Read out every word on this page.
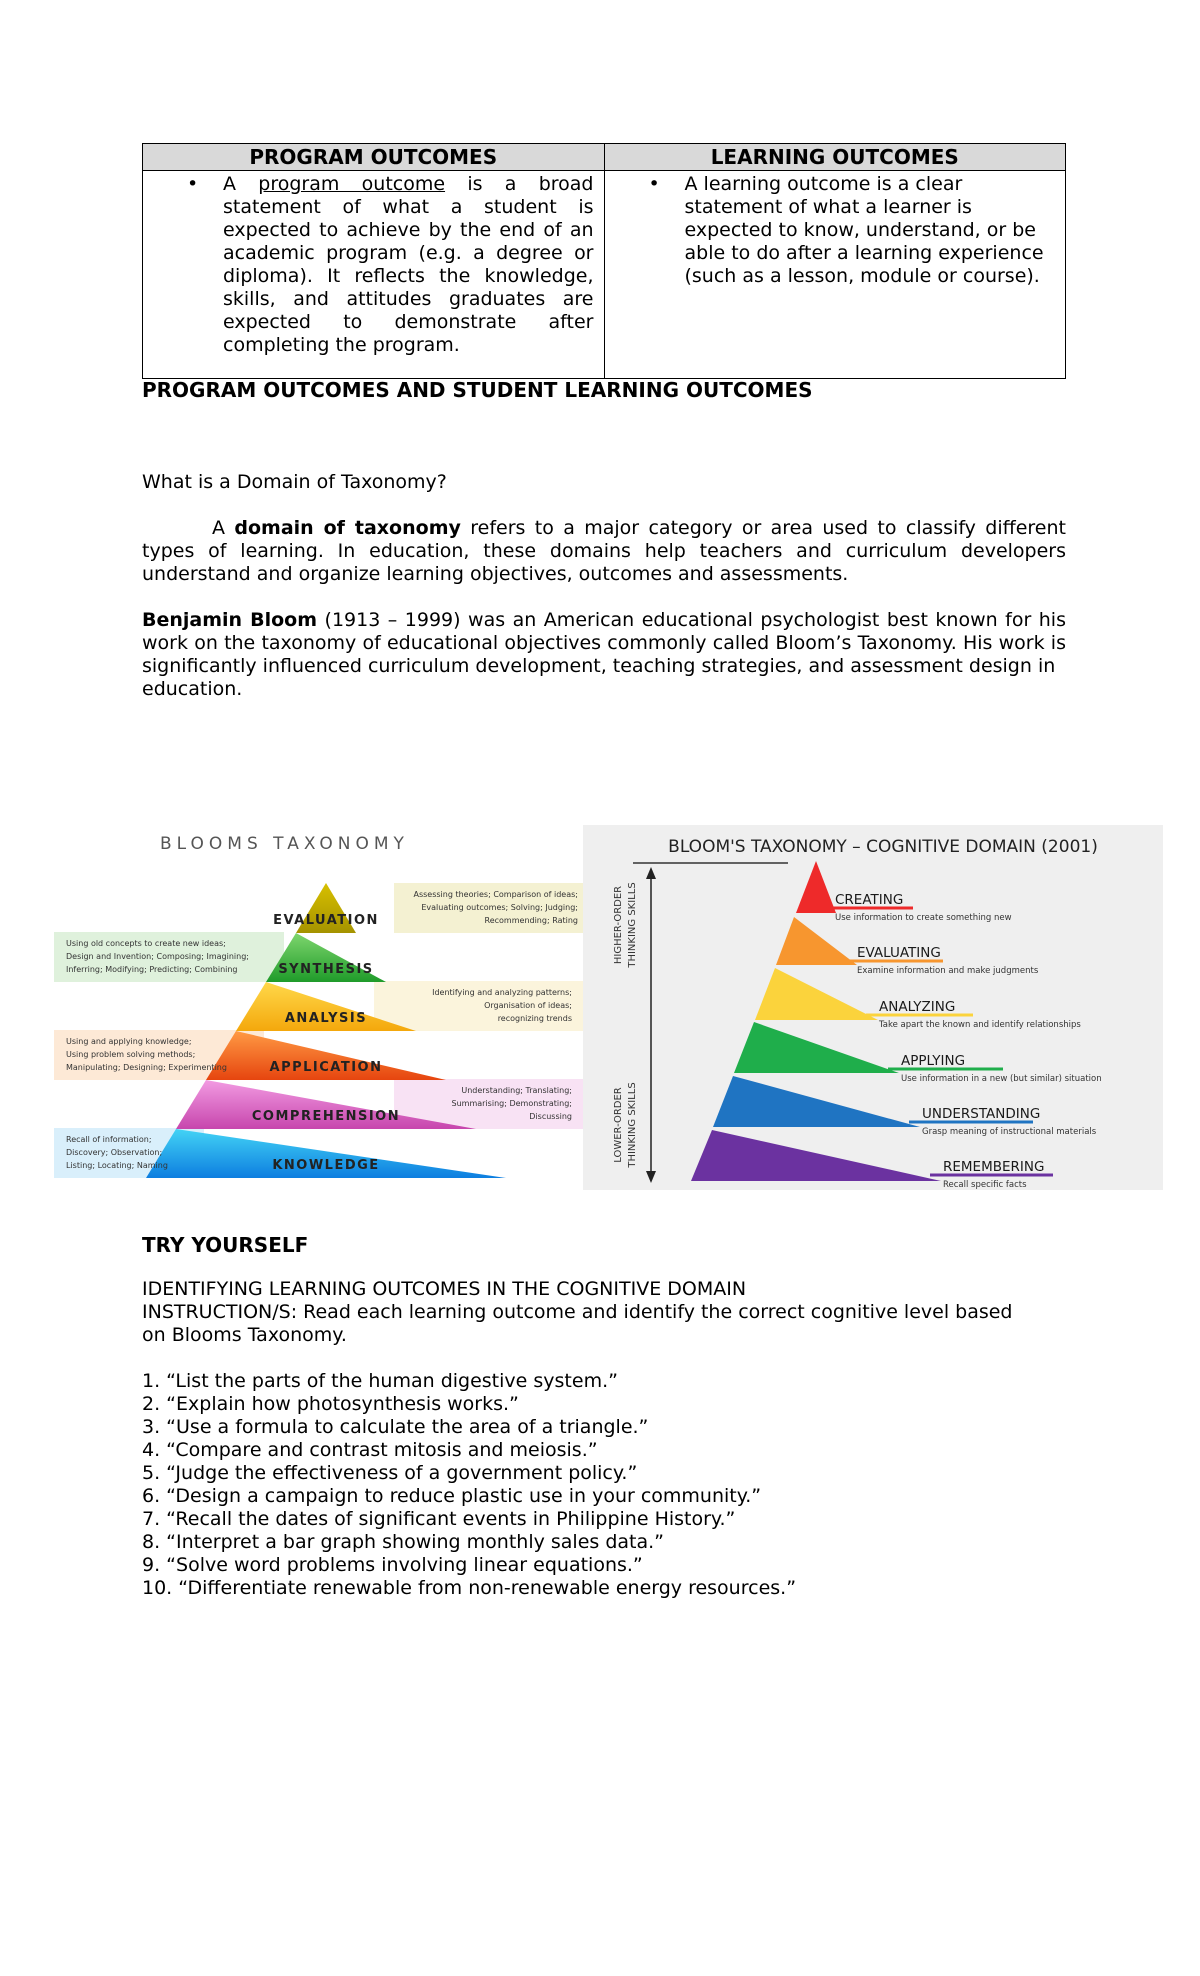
PROGRAM OUTCOMES	LEARNING OUTCOMES

• A program outcome is a broad statement of what a student is expected to achieve by the end of an academic program (e.g. a degree or diploma). It reflects the knowledge, skills, and attitudes graduates are expected to demonstrate after completing the program.	• A learning outcome is a clear statement of what a learner is expected to know, understand, or be able to do after a learning experience (such as a lesson, module or course).
PROGRAM OUTCOMES AND STUDENT LEARNING OUTCOMES
What is a Domain of Taxonomy?
A domain of taxonomy refers to a major category or area used to classify different types of learning. In education, these domains help teachers and curriculum developers understand and organize learning objectives, outcomes and assessments.
Benjamin Bloom (1913 – 1999) was an American educational psychologist best known for his work on the taxonomy of educational objectives commonly called Bloom’s Taxonomy. His work is significantly influenced curriculum development, teaching strategies, and assessment design in
education.
BLOOMS TAXONOMY
EVALUATION
SYNTHESIS
ANALYSIS
APPLICATION
COMPREHENSION
KNOWLEDGE
Assessing theories; Comparison of ideas;
Evaluating outcomes; Solving; Judging;
Recommending; Rating
Using old concepts to create new ideas;
Design and Invention; Composing; Imagining;
Inferring; Modifying; Predicting; Combining
Identifying and analyzing patterns;
Organisation of ideas;
recognizing trends
Using and applying knowledge;
Using problem solving methods;
Manipulating; Designing; Experimenting
Understanding; Translating;
Summarising; Demonstrating;
Discussing
Recall of information;
Discovery; Observation;
Listing; Locating; Naming
BLOOM'S TAXONOMY – COGNITIVE DOMAIN (2001)
HIGHER-ORDER THINKING SKILLS
LOWER-ORDER THINKING SKILLS
CREATING
EVALUATING
ANALYZING
APPLYING
UNDERSTANDING
REMEMBERING
Use information to create something new
Examine information and make judgments
Take apart the known and identify relationships
Use information in a new (but similar) situation
Grasp meaning of instructional materials
Recall specific facts
TRY YOURSELF
IDENTIFYING LEARNING OUTCOMES IN THE COGNITIVE DOMAIN
INSTRUCTION/S: Read each learning outcome and identify the correct cognitive level based
on Blooms Taxonomy.
1. “List the parts of the human digestive system.”
2. “Explain how photosynthesis works.”
3. “Use a formula to calculate the area of a triangle.”
4. “Compare and contrast mitosis and meiosis.”
5. “Judge the effectiveness of a government policy.”
6. “Design a campaign to reduce plastic use in your community.”
7. “Recall the dates of significant events in Philippine History.”
8. “Interpret a bar graph showing monthly sales data.”
9. “Solve word problems involving linear equations.”
10. “Differentiate renewable from non-renewable energy resources.”
